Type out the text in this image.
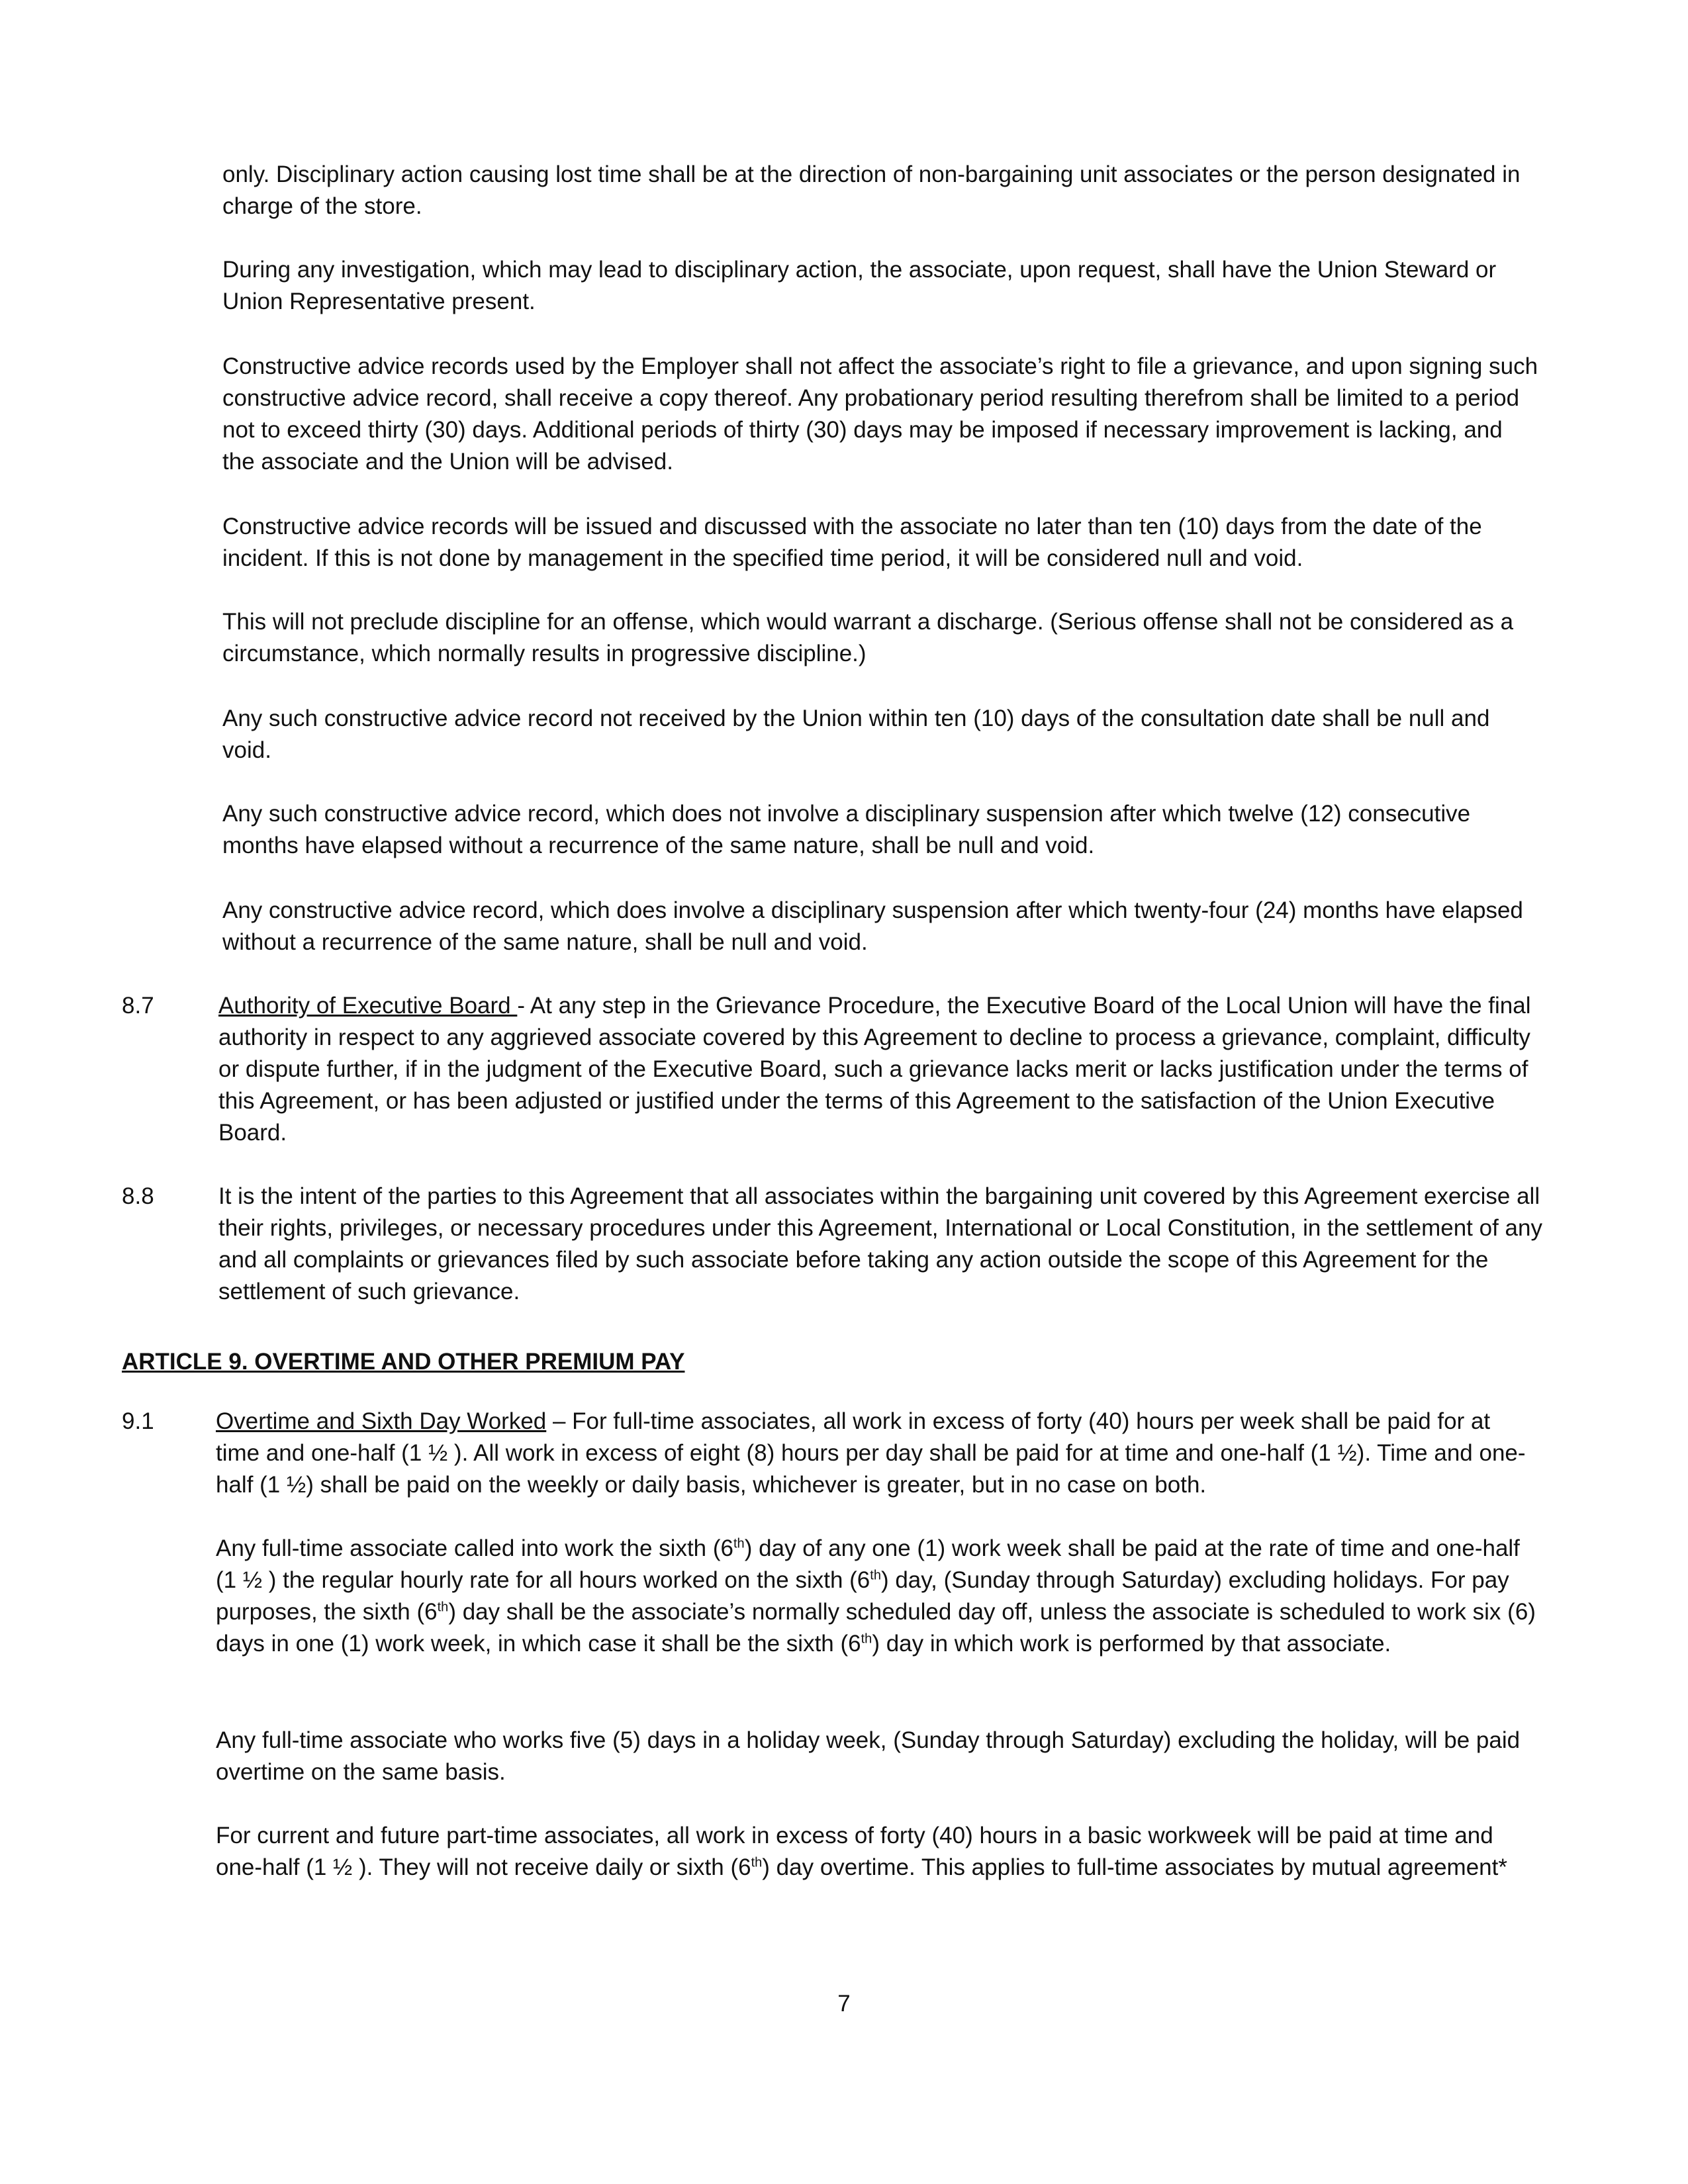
only. Disciplinary action causing lost time shall be at the direction of non-bargaining unit associates or the person designated in charge of the store.

During any investigation, which may lead to disciplinary action, the associate, upon request, shall have the Union Steward or Union Representative present.

Constructive advice records used by the Employer shall not affect the associate’s right to file a grievance, and upon signing such constructive advice record, shall receive a copy thereof. Any probationary period resulting therefrom shall be limited to a period not to exceed thirty (30) days. Additional periods of thirty (30) days may be imposed if necessary improvement is lacking, and the associate and the Union will be advised.

Constructive advice records will be issued and discussed with the associate no later than ten (10) days from the date of the incident. If this is not done by management in the specified time period, it will be considered null and void.

This will not preclude discipline for an offense, which would warrant a discharge. (Serious offense shall not be considered as a circumstance, which normally results in progressive discipline.)

Any such constructive advice record not received by the Union within ten (10) days of the consultation date shall be null and void.

Any such constructive advice record, which does not involve a disciplinary suspension after which twelve (12) consecutive months have elapsed without a recurrence of the same nature, shall be null and void.

Any constructive advice record, which does involve a disciplinary suspension after which twenty-four (24) months have elapsed without a recurrence of the same nature, shall be null and void.

8.7	Authority of Executive Board - At any step in the Grievance Procedure, the Executive Board of the Local Union will have the final authority in respect to any aggrieved associate covered by this Agreement to decline to process a grievance, complaint, difficulty or dispute further, if in the judgment of the Executive Board, such a grievance lacks merit or lacks justification under the terms of this Agreement, or has been adjusted or justified under the terms of this Agreement to the satisfaction of the Union Executive Board.
8.8	It is the intent of the parties to this Agreement that all associates within the bargaining unit covered by this Agreement exercise all their rights, privileges, or necessary procedures under this Agreement, International or Local Constitution, in the settlement of any and all complaints or grievances filed by such associate before taking any action outside the scope of this Agreement for the settlement of such grievance.
ARTICLE 9. OVERTIME AND OTHER PREMIUM PAY
9.1	Overtime and Sixth Day Worked – For full-time associates, all work in excess of forty (40) hours per week shall be paid for at time and one-half (1 ½ ). All work in excess of eight (8) hours per day shall be paid for at time and one-half (1 ½). Time and one-half (1 ½) shall be paid on the weekly or daily basis, whichever is greater, but in no case on both.

Any full-time associate called into work the sixth (6th) day of any one (1) work week shall be paid at the rate of time and one-half (1 ½ ) the regular hourly rate for all hours worked on the sixth (6th) day, (Sunday through Saturday) excluding holidays. For pay purposes, the sixth (6th) day shall be the associate’s normally scheduled day off, unless the associate is scheduled to work six (6) days in one (1) work week, in which case it shall be the sixth (6th) day in which work is performed by that associate.

Any full-time associate who works five (5) days in a holiday week, (Sunday through Saturday) excluding the holiday, will be paid overtime on the same basis.

For current and future part-time associates, all work in excess of forty (40) hours in a basic workweek will be paid at time and one-half (1 ½ ). They will not receive daily or sixth (6th) day overtime. This applies to full-time associates by mutual agreement*

7
